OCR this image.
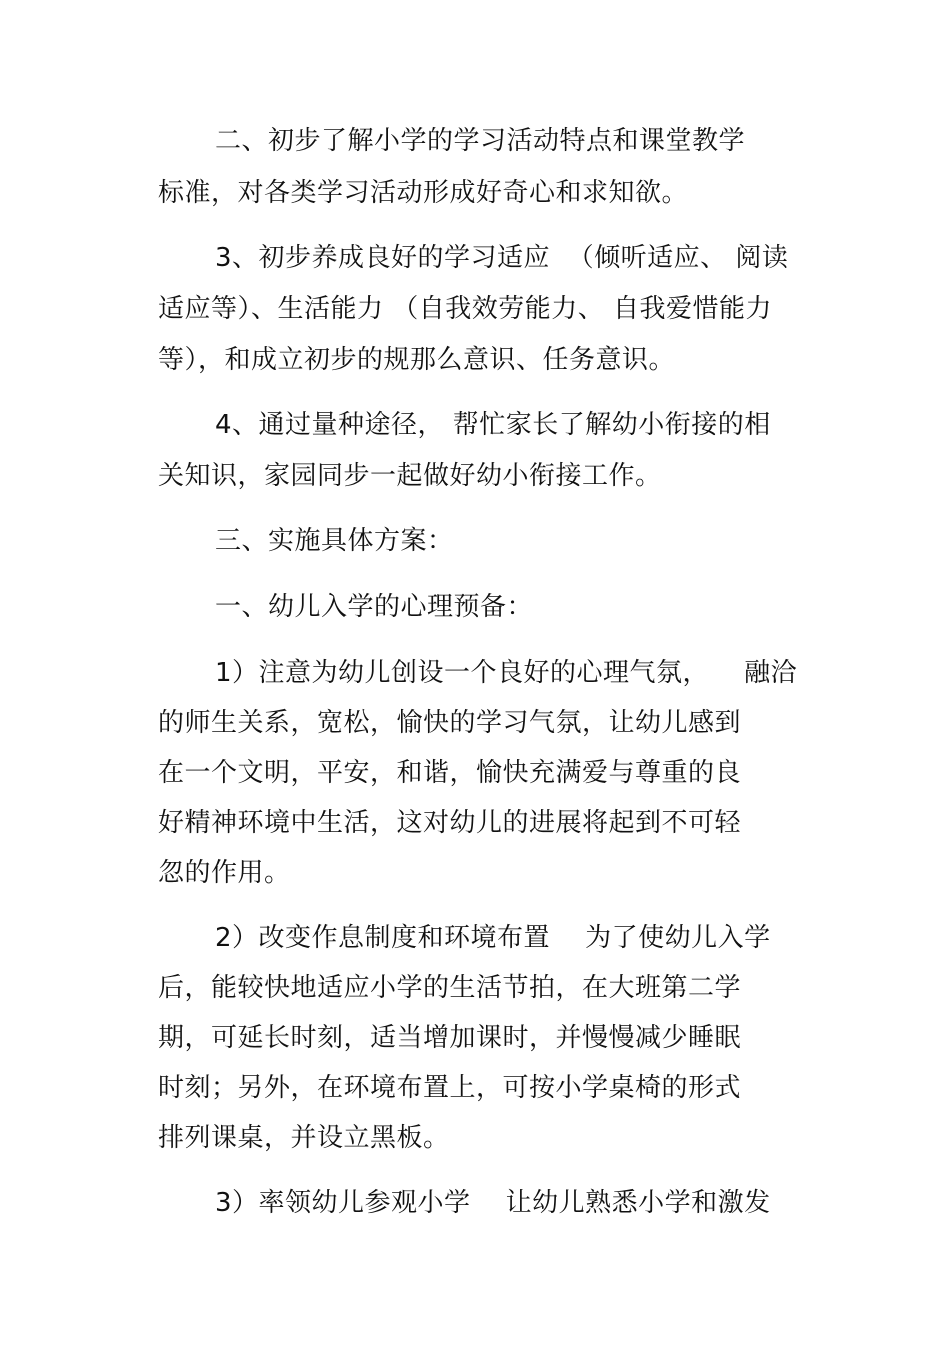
二、初步了解小学的学习活动特点和课堂教学

标准，对各类学习活动形成好奇心和求知欲。

3、初步养成良好的学习适应  （倾听适应、 阅读

适应等）、生活能力 （自我效劳能力、 自我爱惜能力

等），和成立初步的规那么意识、任务意识。

4、通过量种途径， 帮忙家长了解幼小衔接的相

关知识，家园同步一起做好幼小衔接工作。

三、实施具体方案：

一、幼儿入学的心理预备：

1）注意为幼儿创设一个良好的心理气氛，    融洽

的师生关系，宽松，愉快的学习气氛，让幼儿感到

在一个文明，平安，和谐，愉快充满爱与尊重的良

好精神环境中生活，这对幼儿的进展将起到不可轻

忽的作用。

2）改变作息制度和环境布置    为了使幼儿入学

后，能较快地适应小学的生活节拍，在大班第二学

期，可延长时刻，适当增加课时，并慢慢减少睡眠

时刻；另外，在环境布置上，可按小学桌椅的形式

排列课桌，并设立黑板。

3）率领幼儿参观小学    让幼儿熟悉小学和激发
